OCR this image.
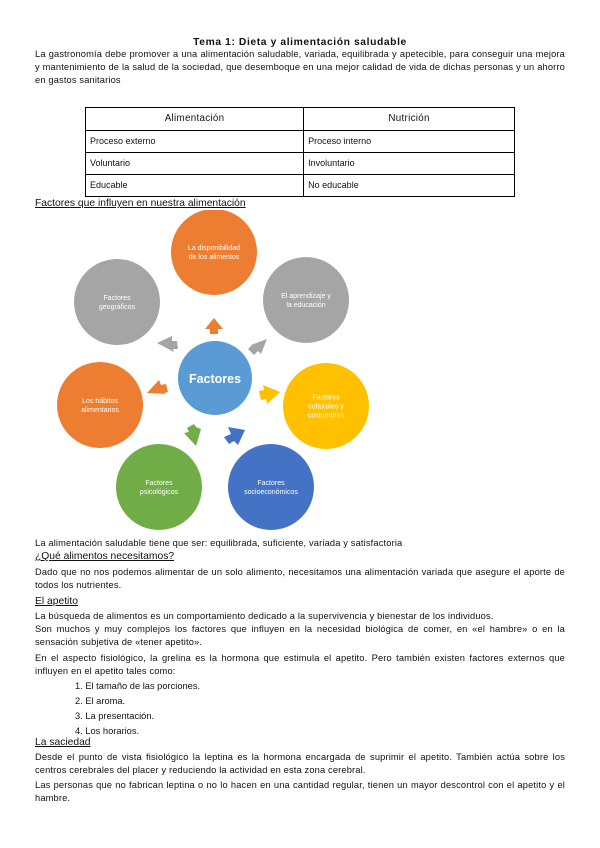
Tema 1: Dieta y alimentación saludable
La gastronomía debe promover a una alimentación saludable, variada, equilibrada y apetecible, para conseguir una mejora y mantenimiento de la salud de la sociedad, que desemboque en una mejor calidad de vida de dichas personas y un ahorro en gastos sanitarios
Alimentación	Nutrición
Proceso externo	Proceso interno
Voluntario	Involuntario
Educable	No educable
Factores que influyen en nuestra alimentación
La disponibilidad
de los alimentos
El aprendizaje y
la educación
Factores
culturales y
costumbres
Factores
socioeconómicos
Factores
psicológicos
Los hábitos
alimentarios
Factores
geográficos
Factores
La alimentación saludable tiene que ser: equilibrada, suficiente, variada y satisfactoria
¿Qué alimentos necesitamos?
Dado que no nos podemos alimentar de un solo alimento, necesitamos una alimentación variada que asegure el aporte de todos los nutrientes.
El apetito
La búsqueda de alimentos es un comportamiento dedicado a la supervivencia y bienestar de los individuos.
Son muchos y muy complejos los factores que influyen en la necesidad biológica de comer, en «el hambre» o en la sensación subjetiva de «tener apetito».
En el aspecto fisiológico, la grelina es la hormona que estimula el apetito. Pero también existen factores externos que influyen en el apetito tales como:
1. El tamaño de las porciones.
2. El aroma.
3. La presentación.
4. Los horarios.
La saciedad
Desde el punto de vista fisiológico la leptina es la hormona encargada de suprimir el apetito. También actúa sobre los centros cerebrales del placer y reduciendo la actividad en esta zona cerebral.
Las personas que no fabrican leptina o no lo hacen en una cantidad regular, tienen un mayor descontrol con el apetito y el hambre.
